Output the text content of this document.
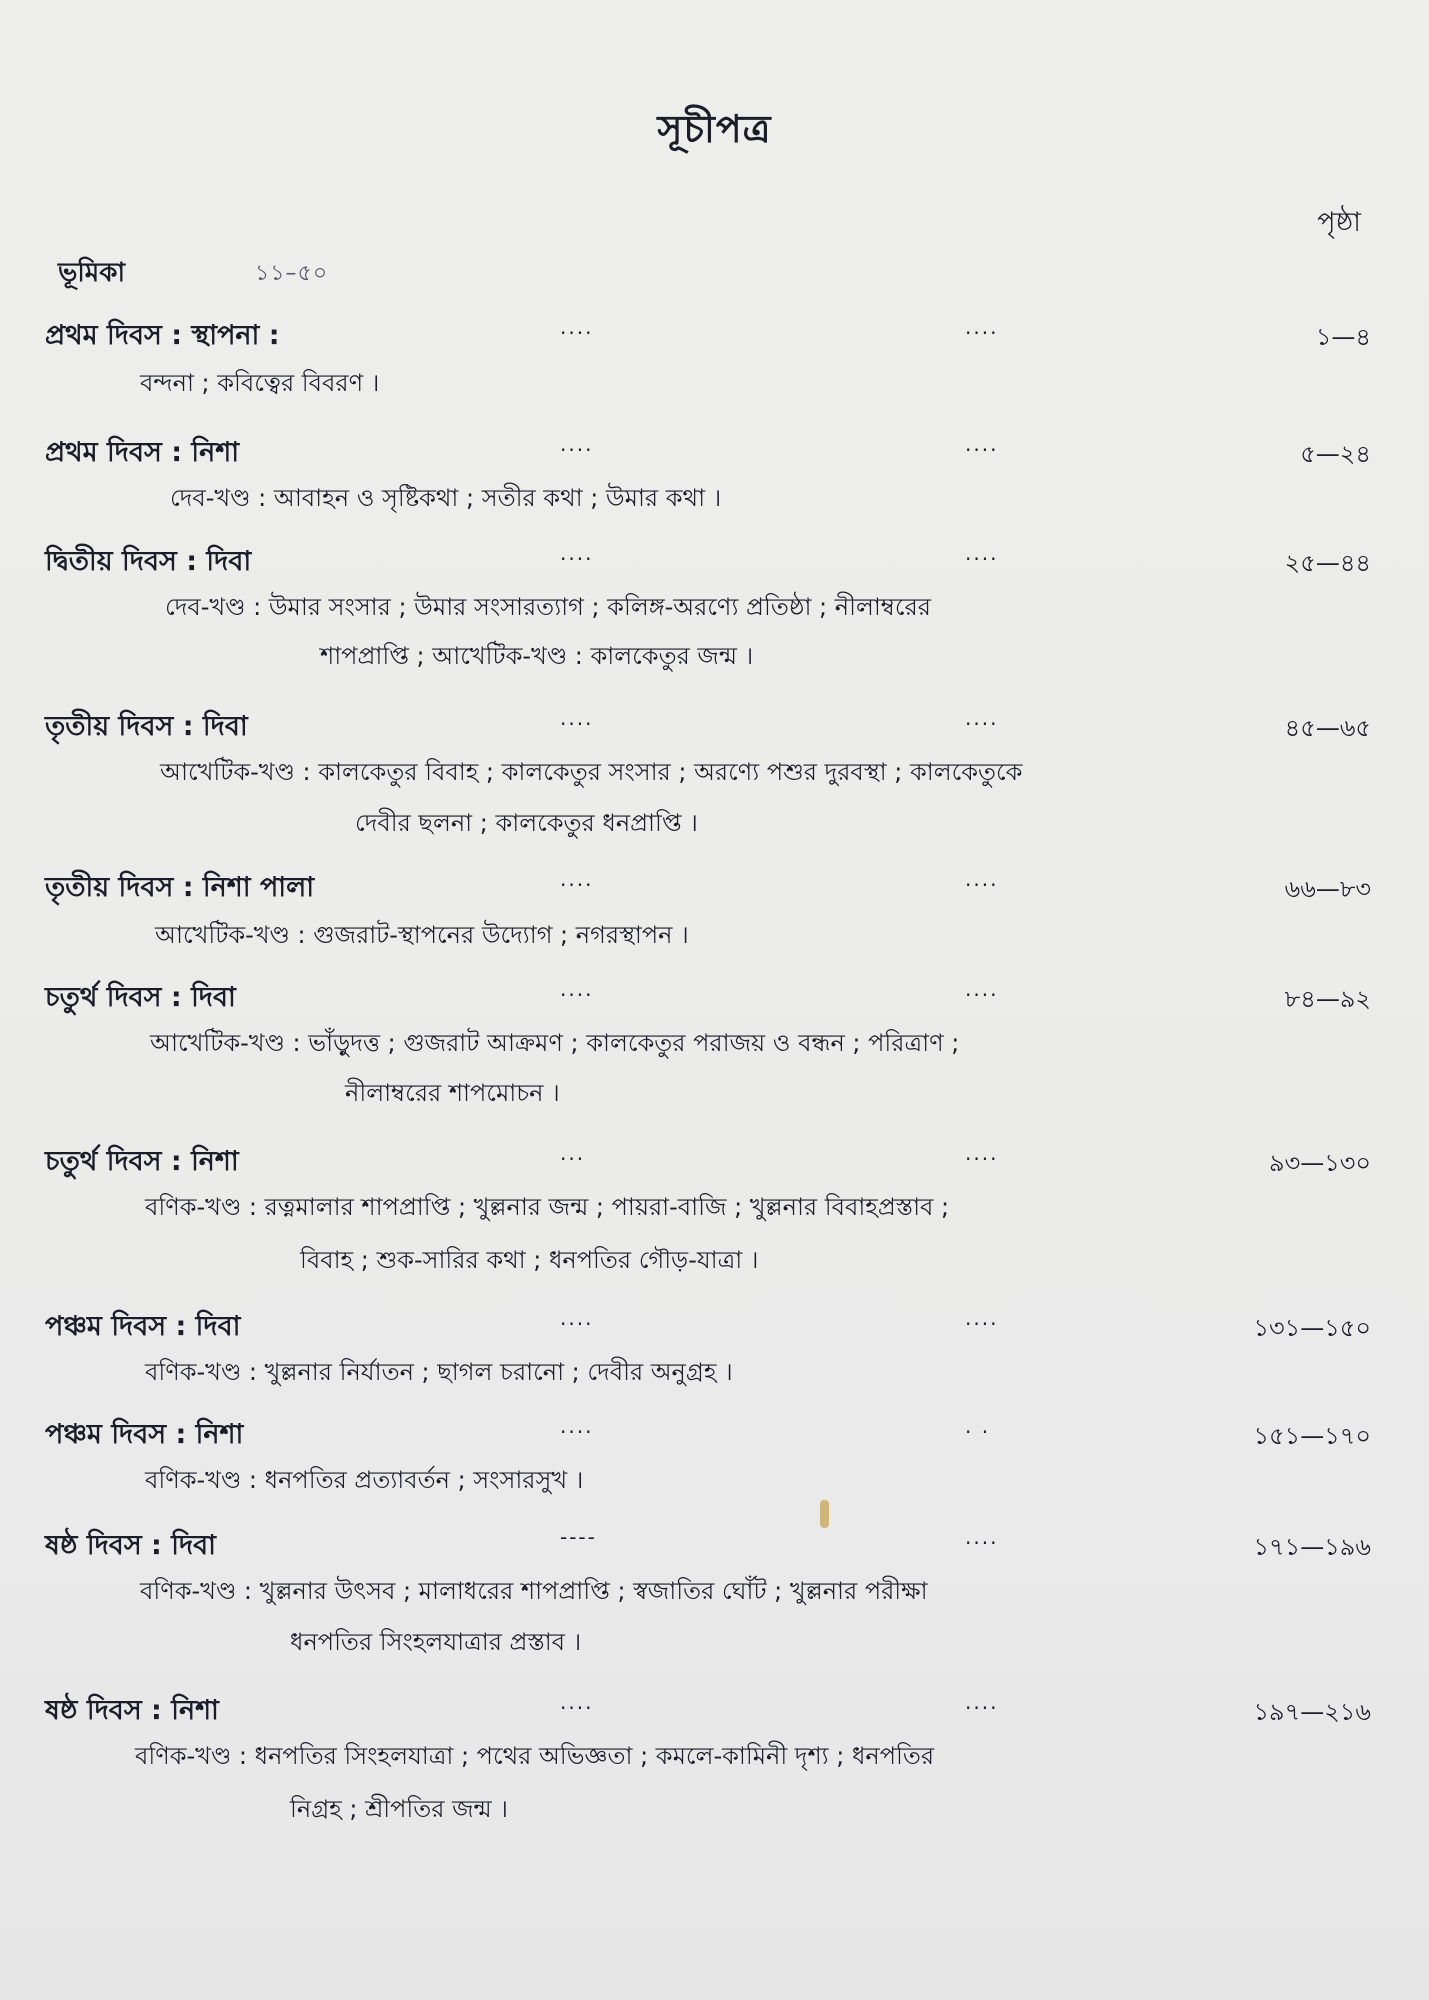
সূচীপত্র
পৃষ্ঠা
ভূমিকা	১১–৫০
প্রথম দিবস : স্থাপনা :	....	....	১—৪
বন্দনা ; কবিত্বের বিবরণ ।
প্রথম দিবস : নিশা	....	....	৫—২৪
দেব-খণ্ড : আবাহন ও সৃষ্টিকথা ; সতীর কথা ; উমার কথা ।
দ্বিতীয় দিবস : দিবা	....	....	২৫—৪৪
দেব-খণ্ড : উমার সংসার ; উমার সংসারত্যাগ ; কলিঙ্গ-অরণ্যে প্রতিষ্ঠা ; নীলাম্বরের
শাপপ্রাপ্তি ; আখেটিক-খণ্ড : কালকেতুর জন্ম ।
তৃতীয় দিবস : দিবা	....	....	৪৫—৬৫
আখেটিক-খণ্ড : কালকেতুর বিবাহ ; কালকেতুর সংসার ; অরণ্যে পশুর দুরবস্থা ; কালকেতুকে
দেবীর ছলনা ; কালকেতুর ধনপ্রাপ্তি ।
তৃতীয় দিবস : নিশা পালা	....	....	৬৬—৮৩
আখেটিক-খণ্ড : গুজরাট-স্থাপনের উদ্যোগ ; নগরস্থাপন ।
চতুর্থ দিবস : দিবা	....	....	৮৪—৯২
আখেটিক-খণ্ড : ভাঁড়ুদত্ত ; গুজরাট আক্রমণ ; কালকেতুর পরাজয় ও বন্ধন ; পরিত্রাণ ;
নীলাম্বরের শাপমোচন ।
চতুর্থ দিবস : নিশা	...	....	৯৩—১৩০
বণিক-খণ্ড : রত্নমালার শাপপ্রাপ্তি ; খুল্লনার জন্ম ; পায়রা-বাজি ; খুল্লনার বিবাহপ্রস্তাব ;
বিবাহ ; শুক-সারির কথা ; ধনপতির গৌড়-যাত্রা ।
পঞ্চম দিবস : দিবা	....	....	১৩১—১৫০
বণিক-খণ্ড : খুল্লনার নির্যাতন ; ছাগল চরানো ; দেবীর অনুগ্রহ ।
পঞ্চম দিবস : নিশা	....	. .	১৫১—১৭০
বণিক-খণ্ড : ধনপতির প্রত্যাবর্তন ; সংসারসুখ ।
ষষ্ঠ দিবস : দিবা	----	....	১৭১—১৯৬
বণিক-খণ্ড : খুল্লনার উৎসব ; মালাধরের শাপপ্রাপ্তি ; স্বজাতির ঘোঁট ; খুল্লনার পরীক্ষা
ধনপতির সিংহলযাত্রার প্রস্তাব ।
ষষ্ঠ দিবস : নিশা	....	....	১৯৭—২১৬
বণিক-খণ্ড : ধনপতির সিংহলযাত্রা ; পথের অভিজ্ঞতা ; কমলে-কামিনী দৃশ্য ; ধনপতির
নিগ্রহ ; শ্রীপতির জন্ম ।
